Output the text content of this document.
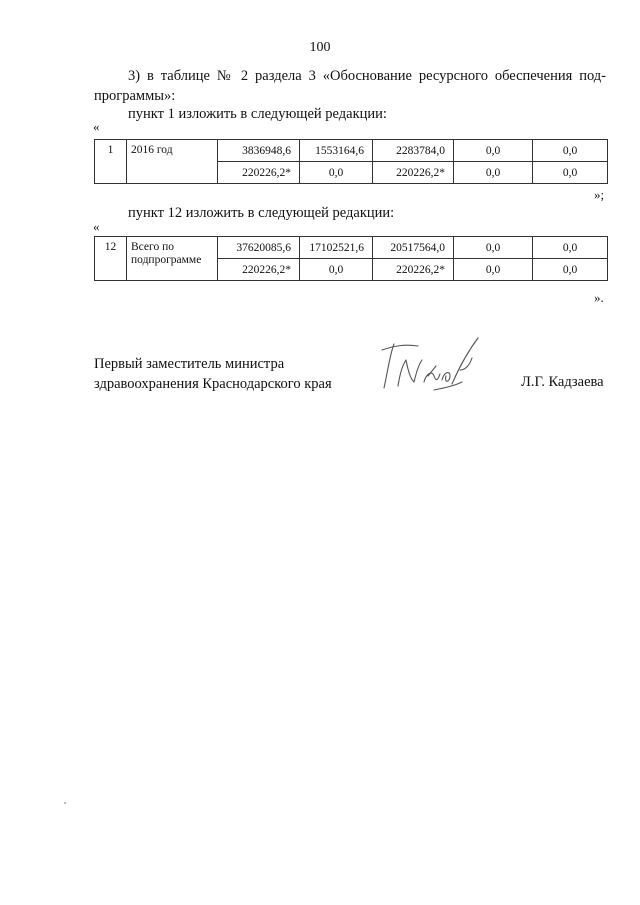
100
3) в таблице № 2 раздела 3 «Обоснование ресурсного обеспечения под-
программы»:
пункт 1 изложить в следующей редакции:
«
1	2016 год	3836948,6	1553164,6	2283784,0	0,0	0,0
		220226,2*	0,0	220226,2*	0,0	0,0
»;
пункт 12 изложить в следующей редакции:
«
12	Всего по подпрограмме	37620085,6	17102521,6	20517564,0	0,0	0,0
		220226,2*	0,0	220226,2*	0,0	0,0
».
Первый заместитель министра
здравоохранения Краснодарского края	Л.Г. Кадзаева
